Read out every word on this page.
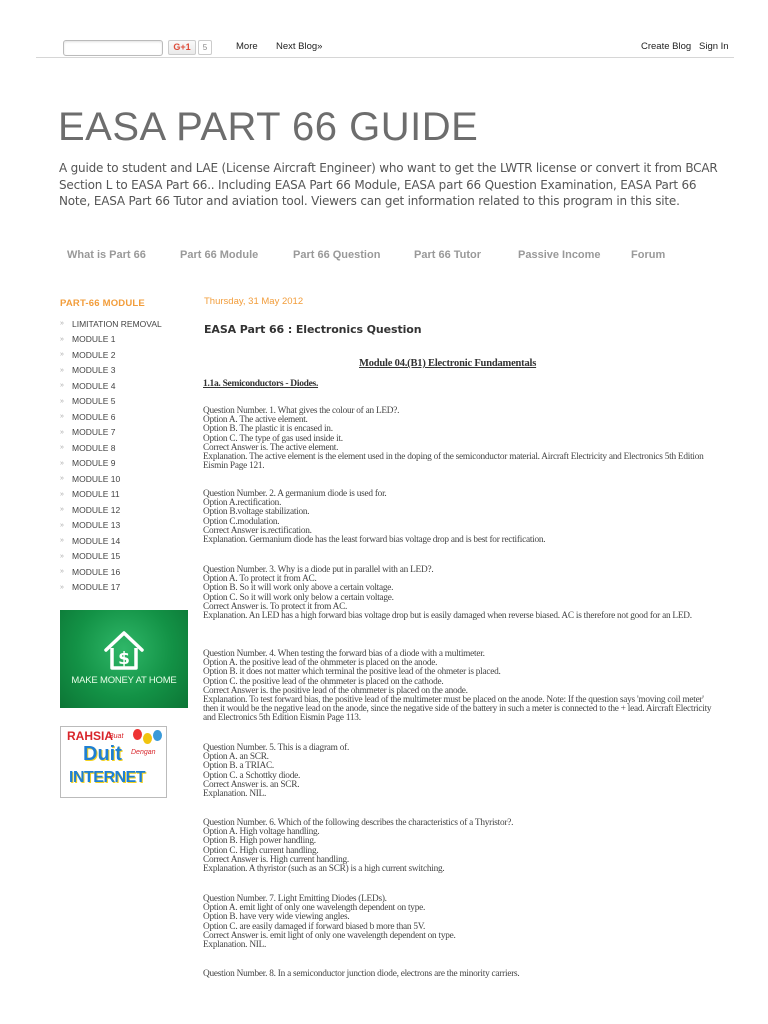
G+1	5	More Next Blog»	Create Blog Sign In
EASA PART 66 GUIDE
A guide to student and LAE (License Aircraft Engineer) who want to get the LWTR license or convert it from BCAR Section L to EASA Part 66.. Including EASA Part 66 Module, EASA part 66 Question Examination, EASA Part 66 Note, EASA Part 66 Tutor and aviation tool. Viewers can get information related to this program in this site.
What is Part 66	Part 66 Module	Part 66 Question	Part 66 Tutor	Passive Income	Forum
PART-66 MODULE
» LIMITATION REMOVAL
» MODULE 1
» MODULE 2
» MODULE 3
» MODULE 4
» MODULE 5
» MODULE 6
» MODULE 7
» MODULE 8
» MODULE 9
» MODULE 10
» MODULE 11
» MODULE 12
» MODULE 13
» MODULE 14
» MODULE 15
» MODULE 16
» MODULE 17
$
MAKE MONEY AT HOME
RAHSIA
Buat
Duit Dengan
INTERNET
Thursday, 31 May 2012
EASA Part 66 : Electronics Question
Module 04.(B1) Electronic Fundamentals
1.1a. Semiconductors - Diodes.
Question Number. 1. What gives the colour of an LED?.
Option A. The active element.
Option B. The plastic it is encased in.
Option C. The type of gas used inside it.
Correct Answer is. The active element.
Explanation. The active element is the element used in the doping of the semiconductor material. Aircraft Electricity and Electronics 5th Edition Eismin Page 121.
Question Number. 2. A germanium diode is used for.
Option A.rectification.
Option B.voltage stabilization.
Option C.modulation.
Correct Answer is.rectification.
Explanation. Germanium diode has the least forward bias voltage drop and is best for rectification.
Question Number. 3. Why is a diode put in parallel with an LED?.
Option A. To protect it from AC.
Option B. So it will work only above a certain voltage.
Option C. So it will work only below a certain voltage.
Correct Answer is. To protect it from AC.
Explanation. An LED has a high forward bias voltage drop but is easily damaged when reverse biased. AC is therefore not good for an LED.
Question Number. 4. When testing the forward bias of a diode with a multimeter.
Option A. the positive lead of the ohmmeter is placed on the anode.
Option B. it does not matter which terminal the positive lead of the ohmeter is placed.
Option C. the positive lead of the ohmmeter is placed on the cathode.
Correct Answer is. the positive lead of the ohmmeter is placed on the anode.
Explanation. To test forward bias, the positive lead of the multimeter must be placed on the anode. Note: If the question says 'moving coil meter' then it would be the negative lead on the anode, since the negative side of the battery in such a meter is connected to the + lead. Aircraft Electricity and Electronics 5th Edition Eismin Page 113.
Question Number. 5. This is a diagram of.
Option A. an SCR.
Option B. a TRIAC.
Option C. a Schottky diode.
Correct Answer is. an SCR.
Explanation. NIL.
Question Number. 6. Which of the following describes the characteristics of a Thyristor?.
Option A. High voltage handling.
Option B. High power handling.
Option C. High current handling.
Correct Answer is. High current handling.
Explanation. A thyristor (such as an SCR) is a high current switching.
Question Number. 7. Light Emitting Diodes (LEDs).
Option A. emit light of only one wavelength dependent on type.
Option B. have very wide viewing angles.
Option C. are easily damaged if forward biased b more than 5V.
Correct Answer is. emit light of only one wavelength dependent on type.
Explanation. NIL.
Question Number. 8. In a semiconductor junction diode, electrons are the minority carriers.
